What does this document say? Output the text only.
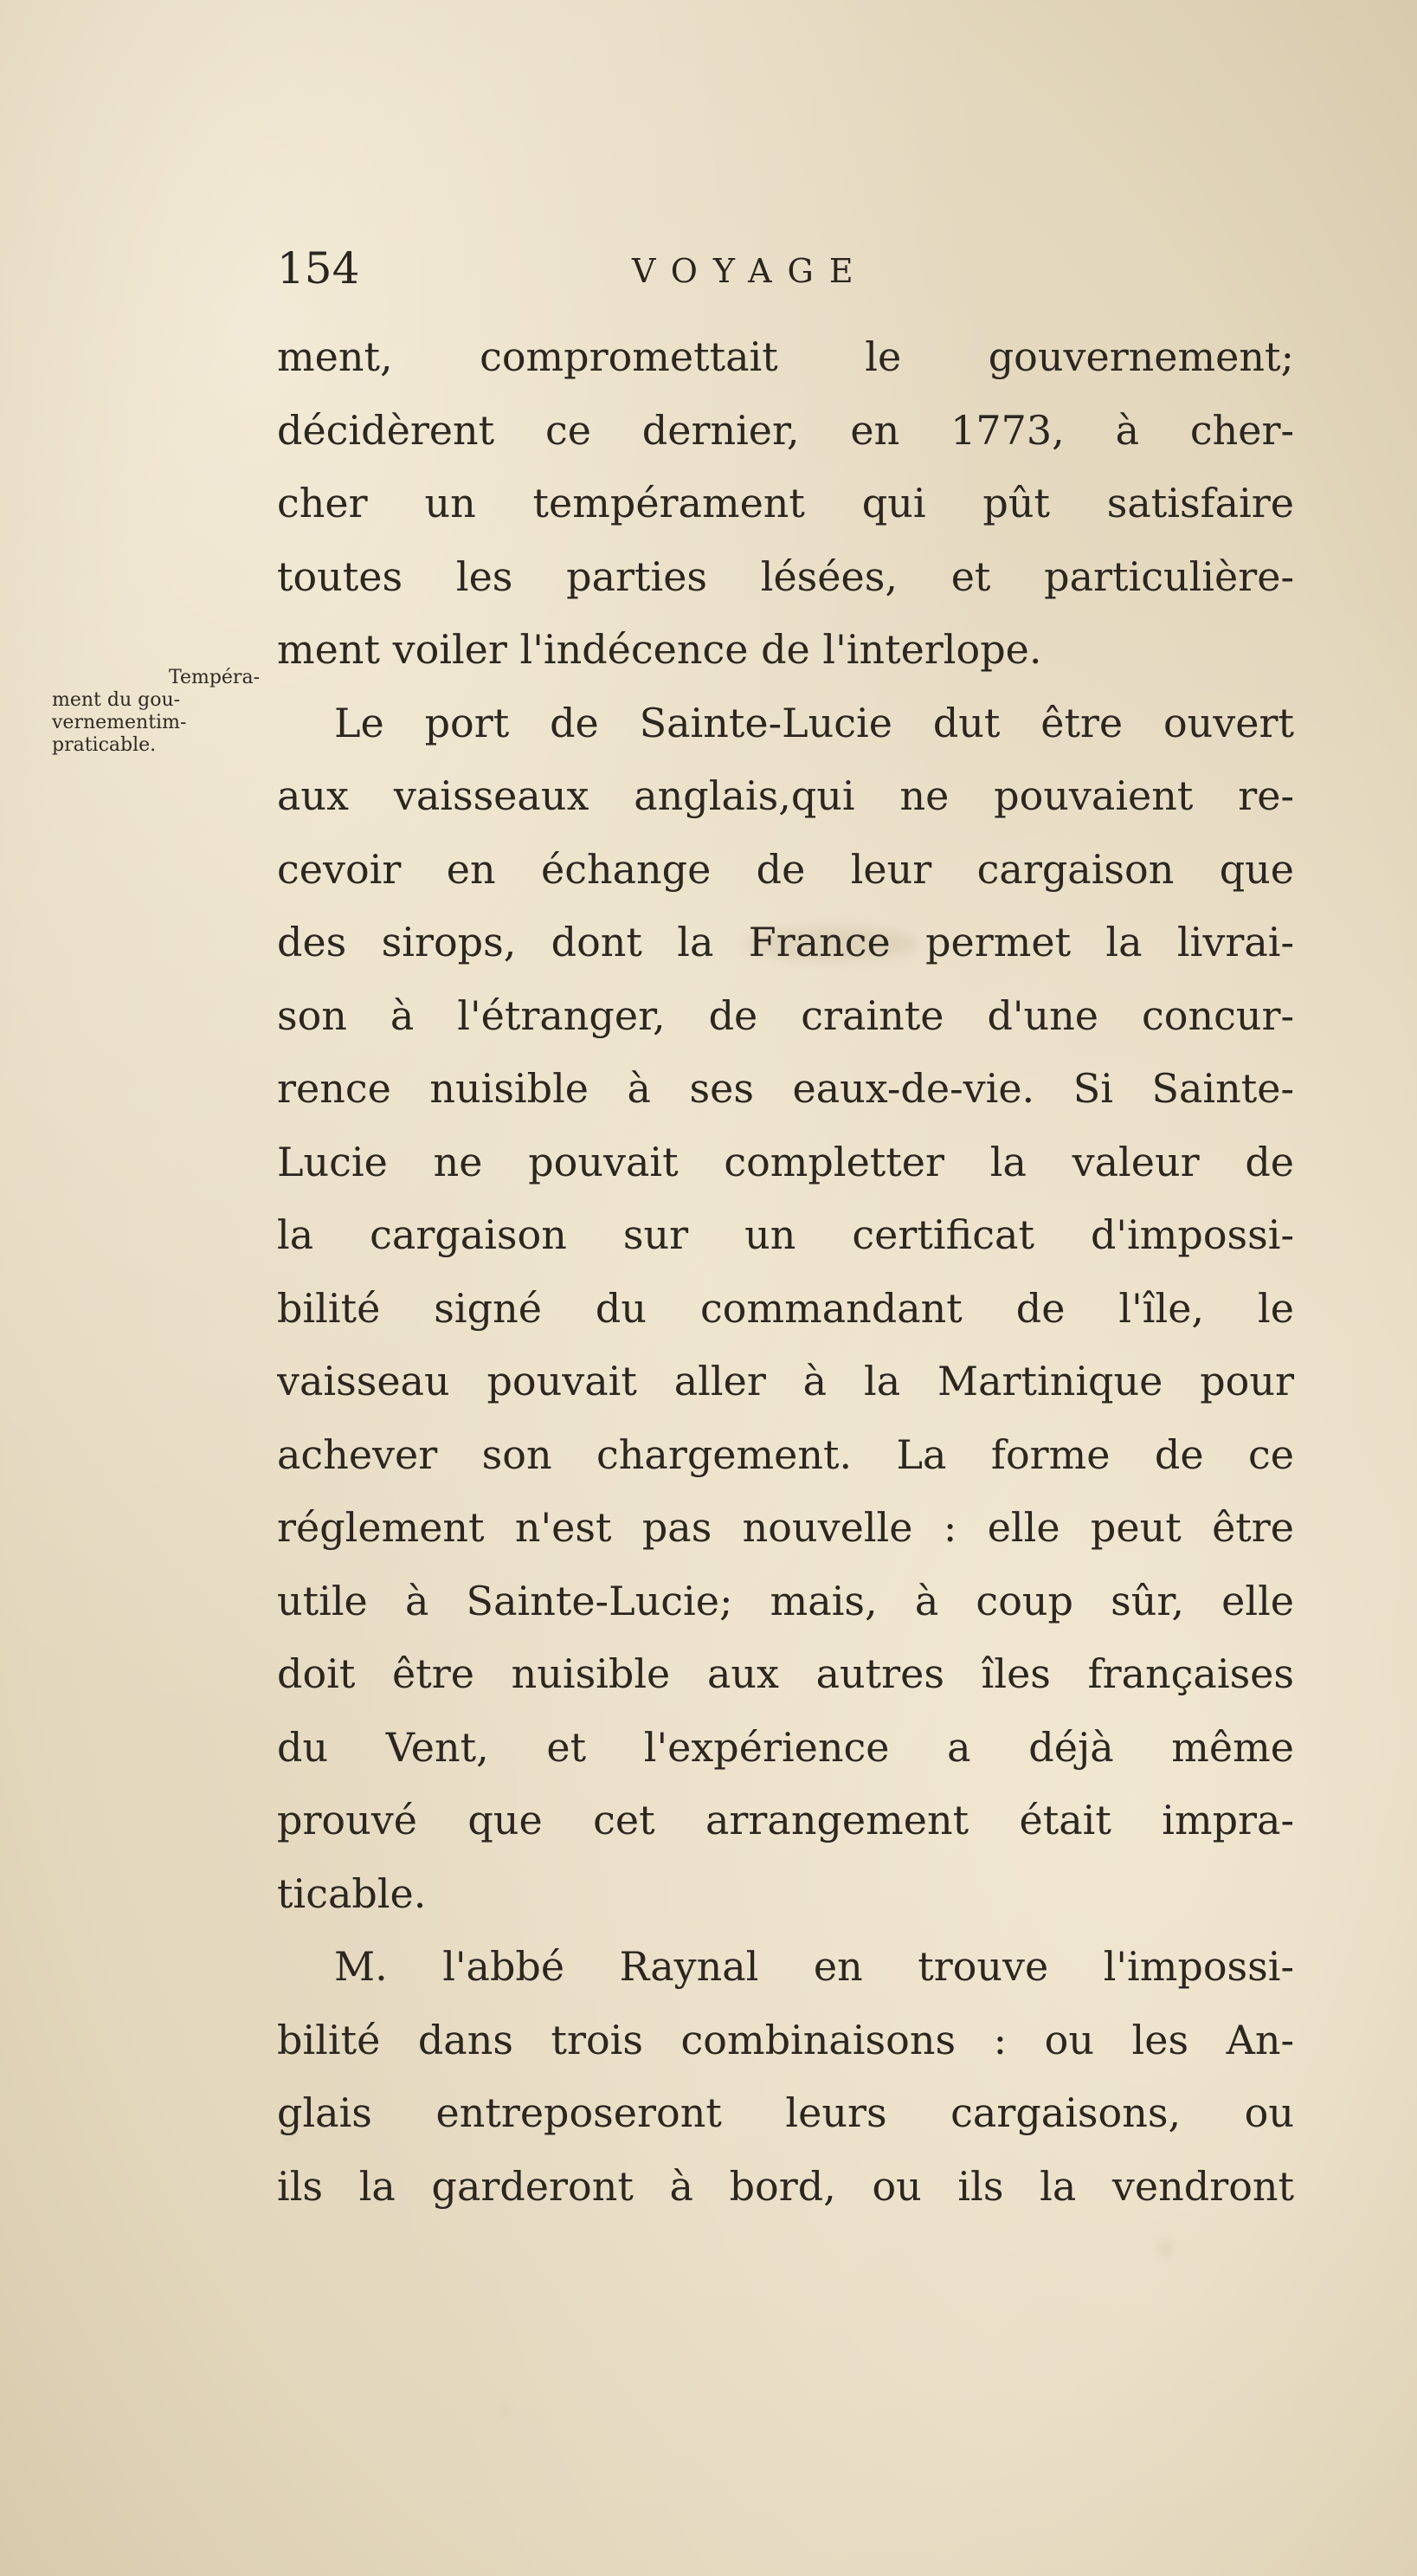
154	VOYAGE
Tempéra-
ment du gou-
vernementim-
praticable.
ment, compromettait le gouvernement;
décidèrent ce dernier, en 1773, à cher-
cher un tempérament qui pût satisfaire
toutes les parties lésées, et particulière-
ment voiler l'indécence de l'interlope.
Le port de Sainte-Lucie dut être ouvert
aux vaisseaux anglais,qui ne pouvaient re-
cevoir en échange de leur cargaison que
des sirops, dont la France permet la livrai-
son à l'étranger, de crainte d'une concur-
rence nuisible à ses eaux-de-vie. Si Sainte-
Lucie ne pouvait completter la valeur de
la cargaison sur un certificat d'impossi-
bilité signé du commandant de l'île, le
vaisseau pouvait aller à la Martinique pour
achever son chargement. La forme de ce
réglement n'est pas nouvelle : elle peut être
utile à Sainte-Lucie; mais, à coup sûr, elle
doit être nuisible aux autres îles françaises
du Vent, et l'expérience a déjà même
prouvé que cet arrangement était impra-
ticable.
M. l'abbé Raynal en trouve l'impossi-
bilité dans trois combinaisons : ou les An-
glais entreposeront leurs cargaisons, ou
ils la garderont à bord, ou ils la vendront
